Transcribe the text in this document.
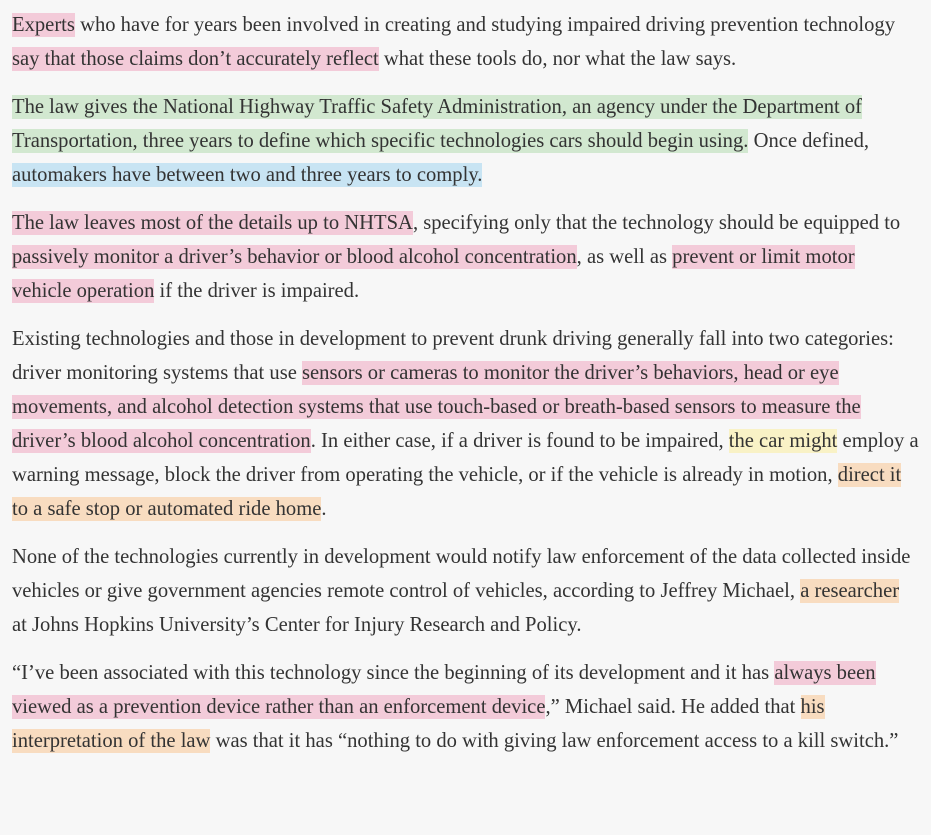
Experts who have for years been involved in creating and studying impaired driving prevention technology say that those claims don’t accurately reflect what these tools do, nor what the law says.

The law gives the National Highway Traffic Safety Administration, an agency under the Department of Transportation, three years to define which specific technologies cars should begin using. Once defined, automakers have between two and three years to comply.

The law leaves most of the details up to NHTSA, specifying only that the technology should be equipped to passively monitor a driver’s behavior or blood alcohol concentration, as well as prevent or limit motor vehicle operation if the driver is impaired.

Existing technologies and those in development to prevent drunk driving generally fall into two categories: driver monitoring systems that use sensors or cameras to monitor the driver’s behaviors, head or eye movements, and alcohol detection systems that use touch-based or breath-based sensors to measure the driver’s blood alcohol concentration. In either case, if a driver is found to be impaired, the car might employ a warning message, block the driver from operating the vehicle, or if the vehicle is already in motion, direct it to a safe stop or automated ride home.

None of the technologies currently in development would notify law enforcement of the data collected inside vehicles or give government agencies remote control of vehicles, according to Jeffrey Michael, a researcher at Johns Hopkins University’s Center for Injury Research and Policy.

“I’ve been associated with this technology since the beginning of its development and it has always been viewed as a prevention device rather than an enforcement device,” Michael said. He added that his interpretation of the law was that it has “nothing to do with giving law enforcement access to a kill switch.”
